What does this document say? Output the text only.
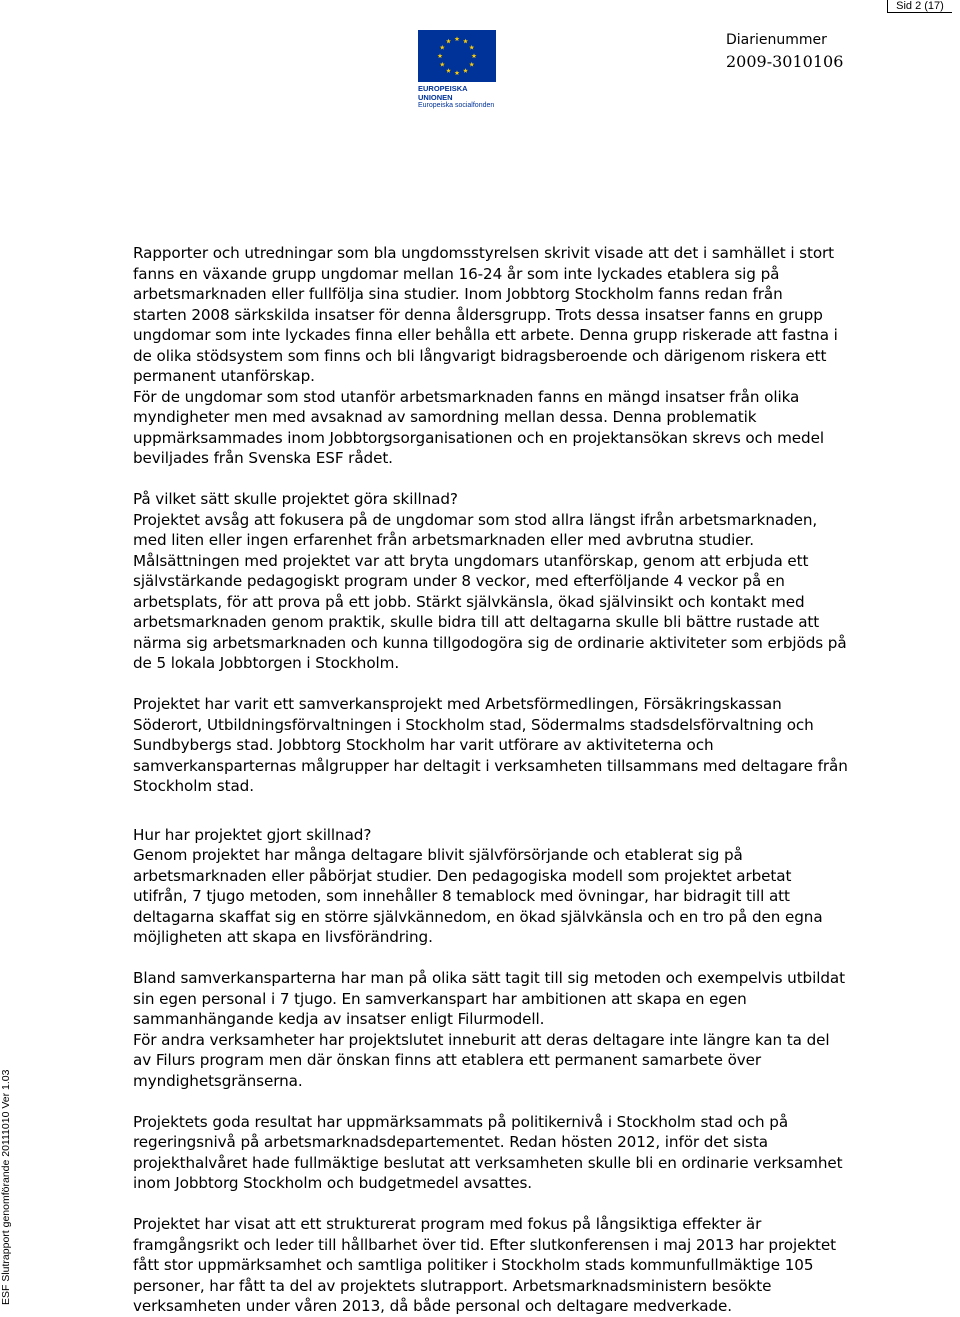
Sid 2 (17)
EUROPEISKA UNIONEN
Europeiska socialfonden
Diarienummer
2009-3010106
ESF Slutrapport genomförande 20111010 Ver 1.03

Rapporter och utredningar som bla ungdomsstyrelsen skrivit visade att det i samhället i stort

fanns en växande grupp ungdomar mellan 16-24 år som inte lyckades etablera sig på

arbetsmarknaden eller fullfölja sina studier. Inom Jobbtorg Stockholm fanns redan från

starten 2008 särkskilda insatser för denna åldersgrupp. Trots dessa insatser fanns en grupp

ungdomar som inte lyckades finna eller behålla ett arbete. Denna grupp riskerade att fastna i

de olika stödsystem som finns och bli långvarigt bidragsberoende och därigenom riskera ett

permanent utanförskap.

För de ungdomar som stod utanför arbetsmarknaden fanns en mängd insatser från olika

myndigheter men med avsaknad av samordning mellan dessa. Denna problematik

uppmärksammades inom Jobbtorgsorganisationen och en projektansökan skrevs och medel

beviljades från Svenska ESF rådet.

På vilket sätt skulle projektet göra skillnad?

Projektet avsåg att fokusera på de ungdomar som stod allra längst ifrån arbetsmarknaden,

med liten eller ingen erfarenhet från arbetsmarknaden eller med avbrutna studier.

Målsättningen med projektet var att bryta ungdomars utanförskap, genom att erbjuda ett

självstärkande pedagogiskt program under 8 veckor, med efterföljande 4 veckor på en

arbetsplats, för att prova på ett jobb. Stärkt självkänsla, ökad självinsikt och kontakt med

arbetsmarknaden genom praktik, skulle bidra till att deltagarna skulle bli bättre rustade att

närma sig arbetsmarknaden och kunna tillgodogöra sig de ordinarie aktiviteter som erbjöds på

de 5 lokala Jobbtorgen i Stockholm.

Projektet har varit ett samverkansprojekt med Arbetsförmedlingen, Försäkringskassan

Söderort, Utbildningsförvaltningen i Stockholm stad, Södermalms stadsdelsförvaltning och

Sundbybergs stad. Jobbtorg Stockholm har varit utförare av aktiviteterna och

samverkansparternas målgrupper har deltagit i verksamheten tillsammans med deltagare från

Stockholm stad.

Hur har projektet gjort skillnad?

Genom projektet har många deltagare blivit självförsörjande och etablerat sig på

arbetsmarknaden eller påbörjat studier. Den pedagogiska modell som projektet arbetat

utifrån, 7 tjugo metoden, som innehåller 8 temablock med övningar, har bidragit till att

deltagarna skaffat sig en större självkännedom, en ökad självkänsla och en tro på den egna

möjligheten att skapa en livsförändring.

Bland samverkansparterna har man på olika sätt tagit till sig metoden och exempelvis utbildat

sin egen personal i 7 tjugo. En samverkanspart har ambitionen att skapa en egen

sammanhängande kedja av insatser enligt Filurmodell.

För andra verksamheter har projektslutet inneburit att deras deltagare inte längre kan ta del

av Filurs program men där önskan finns att etablera ett permanent samarbete över

myndighetsgränserna.

Projektets goda resultat har uppmärksammats på politikernivå i Stockholm stad och på

regeringsnivå på arbetsmarknadsdepartementet. Redan hösten 2012, inför det sista

projekthalvåret hade fullmäktige beslutat att verksamheten skulle bli en ordinarie verksamhet

inom Jobbtorg Stockholm och budgetmedel avsattes.

Projektet har visat att ett strukturerat program med fokus på långsiktiga effekter är

framgångsrikt och leder till hållbarhet över tid. Efter slutkonferensen i maj 2013 har projektet

fått stor uppmärksamhet och samtliga politiker i Stockholm stads kommunfullmäktige 105

personer, har fått ta del av projektets slutrapport. Arbetsmarknadsministern besökte

verksamheten under våren 2013, då både personal och deltagare medverkade.
